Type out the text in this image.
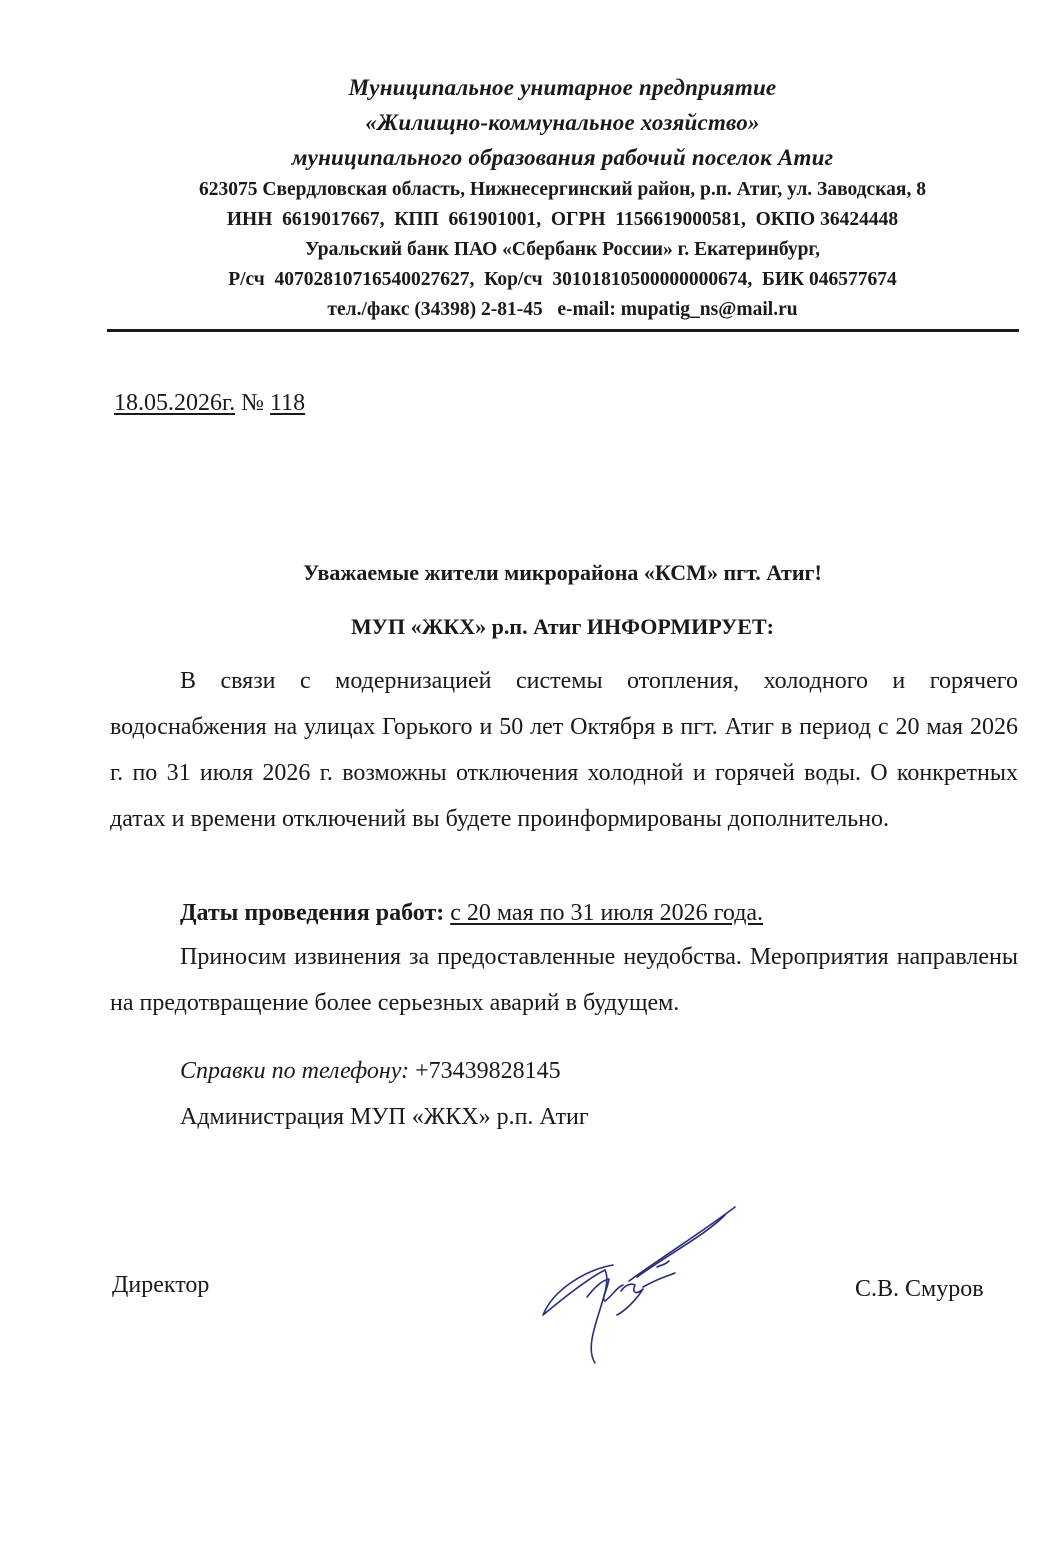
Муниципальное унитарное предприятие
«Жилищно-коммунальное хозяйство»
муниципального образования рабочий поселок Атиг
623075 Свердловская область, Нижнесергинский район, р.п. Атиг, ул. Заводская, 8
ИНН  6619017667,  КПП  661901001,  ОГРН  1156619000581,  ОКПО 36424448
Уральский банк ПАО «Сбербанк России» г. Екатеринбург,
Р/сч  40702810716540027627,  Кор/сч  30101810500000000674,  БИК 046577674
тел./факс (34398) 2-81-45   e-mail: mupatig_ns@mail.ru
18.05.2026г. № 118
Уважаемые жители микрорайона «КСМ» пгт. Атиг!
МУП «ЖКХ» р.п. Атиг ИНФОРМИРУЕТ:
В связи с модернизацией системы отопления, холодного и горячего водоснабжения на улицах Горького и 50 лет Октября в пгт. Атиг в период с 20 мая 2026 г. по 31 июля 2026 г. возможны отключения холодной и горячей воды. О конкретных датах и времени отключений вы будете проинформированы дополнительно.
Даты проведения работ: с 20 мая по 31 июля 2026 года.
Приносим извинения за предоставленные неудобства. Мероприятия направлены на предотвращение более серьезных аварий в будущем.
Справки по телефону: +73439828145
Администрация МУП «ЖКХ» р.п. Атиг
Директор	С.В. Смуров
